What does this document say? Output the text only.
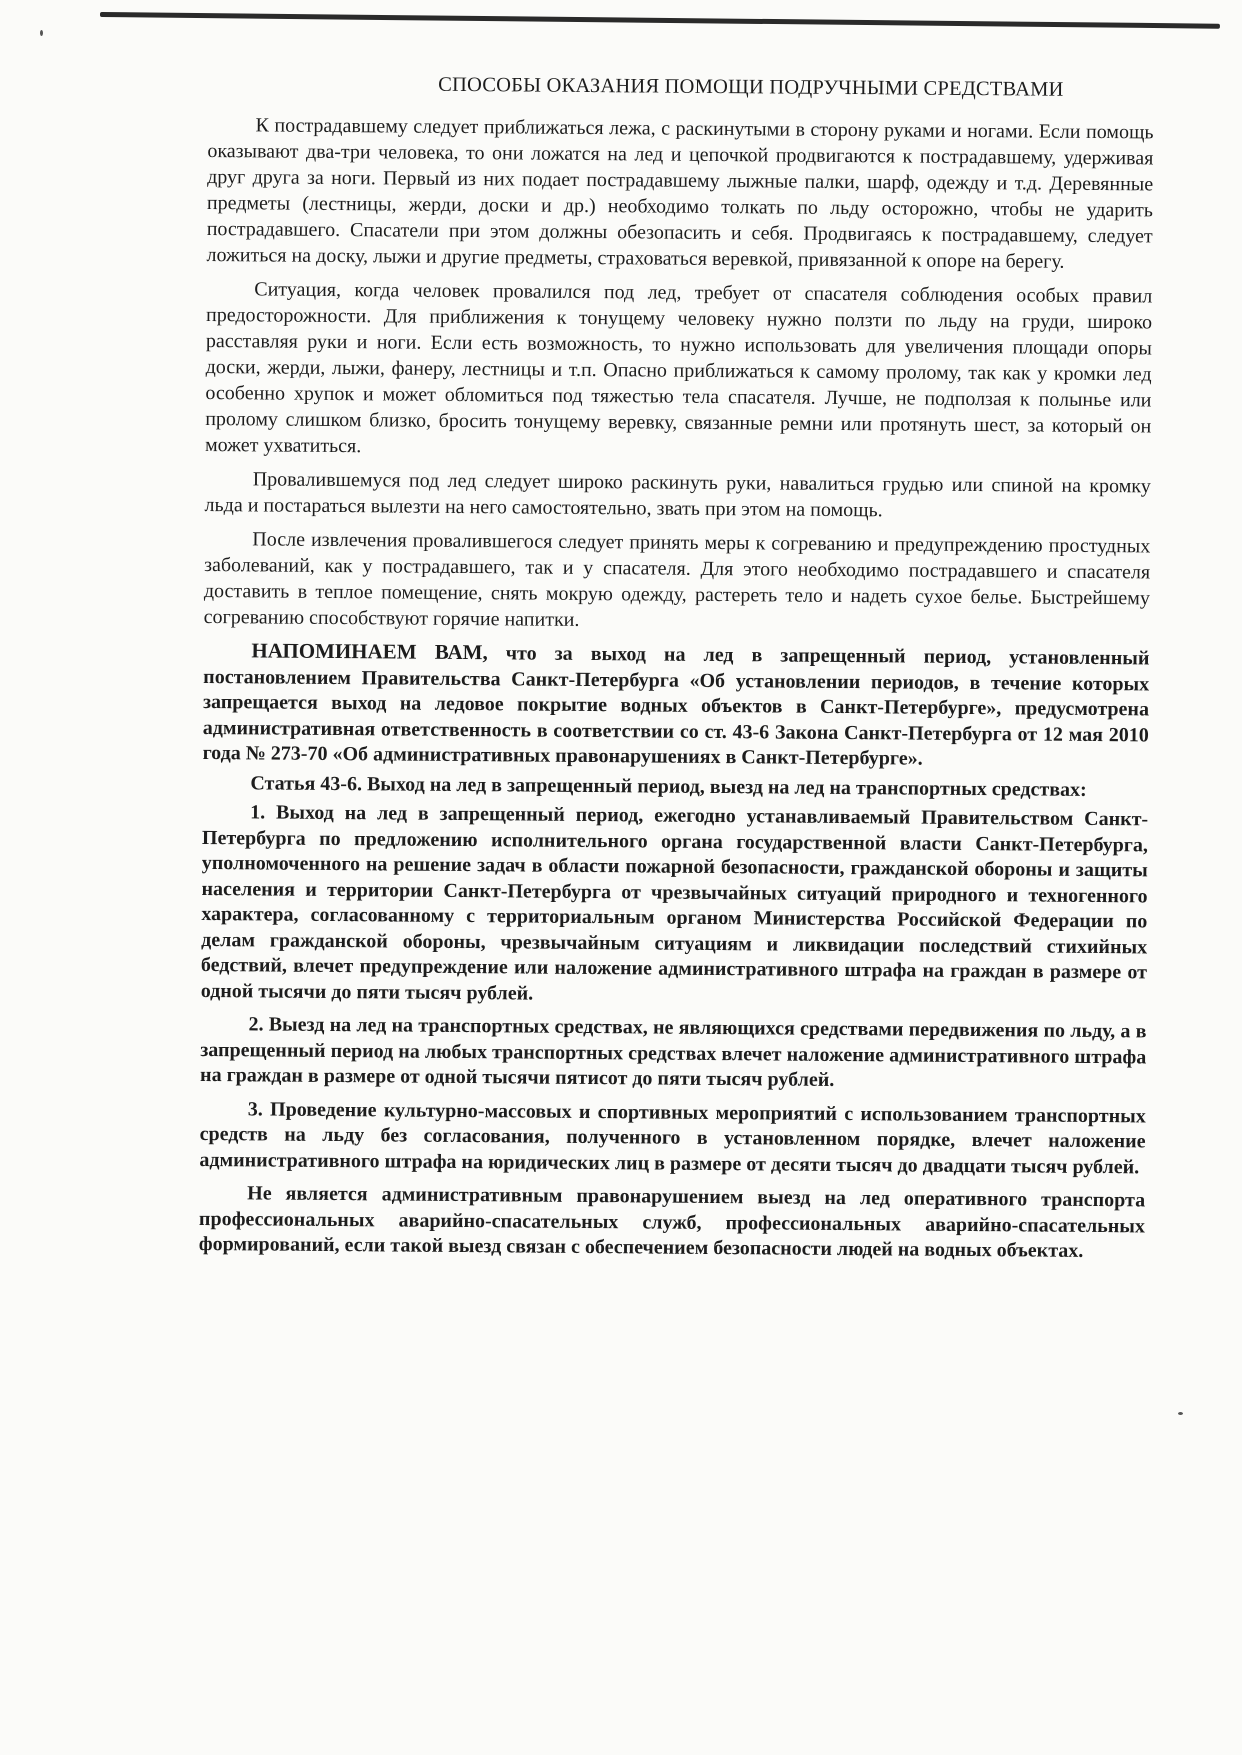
СПОСОБЫ ОКАЗАНИЯ ПОМОЩИ ПОДРУЧНЫМИ СРЕДСТВАМИ

К пострадавшему следует приближаться лежа, с раскинутыми в сторону руками и ногами. Если помощь оказывают два-три человека, то они ложатся на лед и цепочкой продвигаются к пострадавшему, удерживая друг друга за ноги. Первый из них подает пострадавшему лыжные палки, шарф, одежду и т.д. Деревянные предметы (лестницы, жерди, доски и др.) необходимо толкать по льду осторожно, чтобы не ударить пострадавшего. Спасатели при этом должны обезопасить и себя. Продвигаясь к пострадавшему, следует ложиться на доску, лыжи и другие предметы, страховаться веревкой, привязанной к опоре на берегу.

Ситуация, когда человек провалился под лед, требует от спасателя соблюдения особых правил предосторожности. Для приближения к тонущему человеку нужно ползти по льду на груди, широко расставляя руки и ноги. Если есть возможность, то нужно использовать для увеличения площади опоры доски, жерди, лыжи, фанеру, лестницы и т.п. Опасно приближаться к самому пролому, так как у кромки лед особенно хрупок и может обломиться под тяжестью тела спасателя. Лучше, не подползая к полынье или пролому слишком близко, бросить тонущему веревку, связанные ремни или протянуть шест, за который он может ухватиться.

Провалившемуся под лед следует широко раскинуть руки, навалиться грудью или спиной на кромку льда и постараться вылезти на него самостоятельно, звать при этом на помощь.

После извлечения провалившегося следует принять меры к согреванию и предупреждению простудных заболеваний, как у пострадавшего, так и у спасателя. Для этого необходимо пострадавшего и спасателя доставить в теплое помещение, снять мокрую одежду, растереть тело и надеть сухое белье. Быстрейшему согреванию способствуют горячие напитки.

НАПОМИНАЕМ ВАМ, что за выход на лед в запрещенный период, установленный постановлением Правительства Санкт-Петербурга «Об установлении периодов, в течение которых запрещается выход на ледовое покрытие водных объектов в Санкт-Петербурге», предусмотрена административная ответственность в соответствии со ст. 43-6 Закона Санкт-Петербурга от 12 мая 2010 года № 273-70 «Об административных правонарушениях в Санкт-Петербурге».

Статья 43-6. Выход на лед в запрещенный период, выезд на лед на транспортных средствах:

1. Выход на лед в запрещенный период, ежегодно устанавливаемый Правительством Санкт-Петербурга по предложению исполнительного органа государственной власти Санкт-Петербурга, уполномоченного на решение задач в области пожарной безопасности, гражданской обороны и защиты населения и территории Санкт-Петербурга от чрезвычайных ситуаций природного и техногенного характера, согласованному с территориальным органом Министерства Российской Федерации по делам гражданской обороны, чрезвычайным ситуациям и ликвидации последствий стихийных бедствий, влечет предупреждение или наложение административного штрафа на граждан в размере от одной тысячи до пяти тысяч рублей.

2. Выезд на лед на транспортных средствах, не являющихся средствами передвижения по льду, а в запрещенный период на любых транспортных средствах влечет наложение административного штрафа на граждан в размере от одной тысячи пятисот до пяти тысяч рублей.

3. Проведение культурно-массовых и спортивных мероприятий с использованием транспортных средств на льду без согласования, полученного в установленном порядке, влечет наложение административного штрафа на юридических лиц в размере от десяти тысяч до двадцати тысяч рублей.

Не является административным правонарушением выезд на лед оперативного транспорта профессиональных аварийно-спасательных служб, профессиональных аварийно-спасательных формирований, если такой выезд связан с обеспечением безопасности людей на водных объектах.
